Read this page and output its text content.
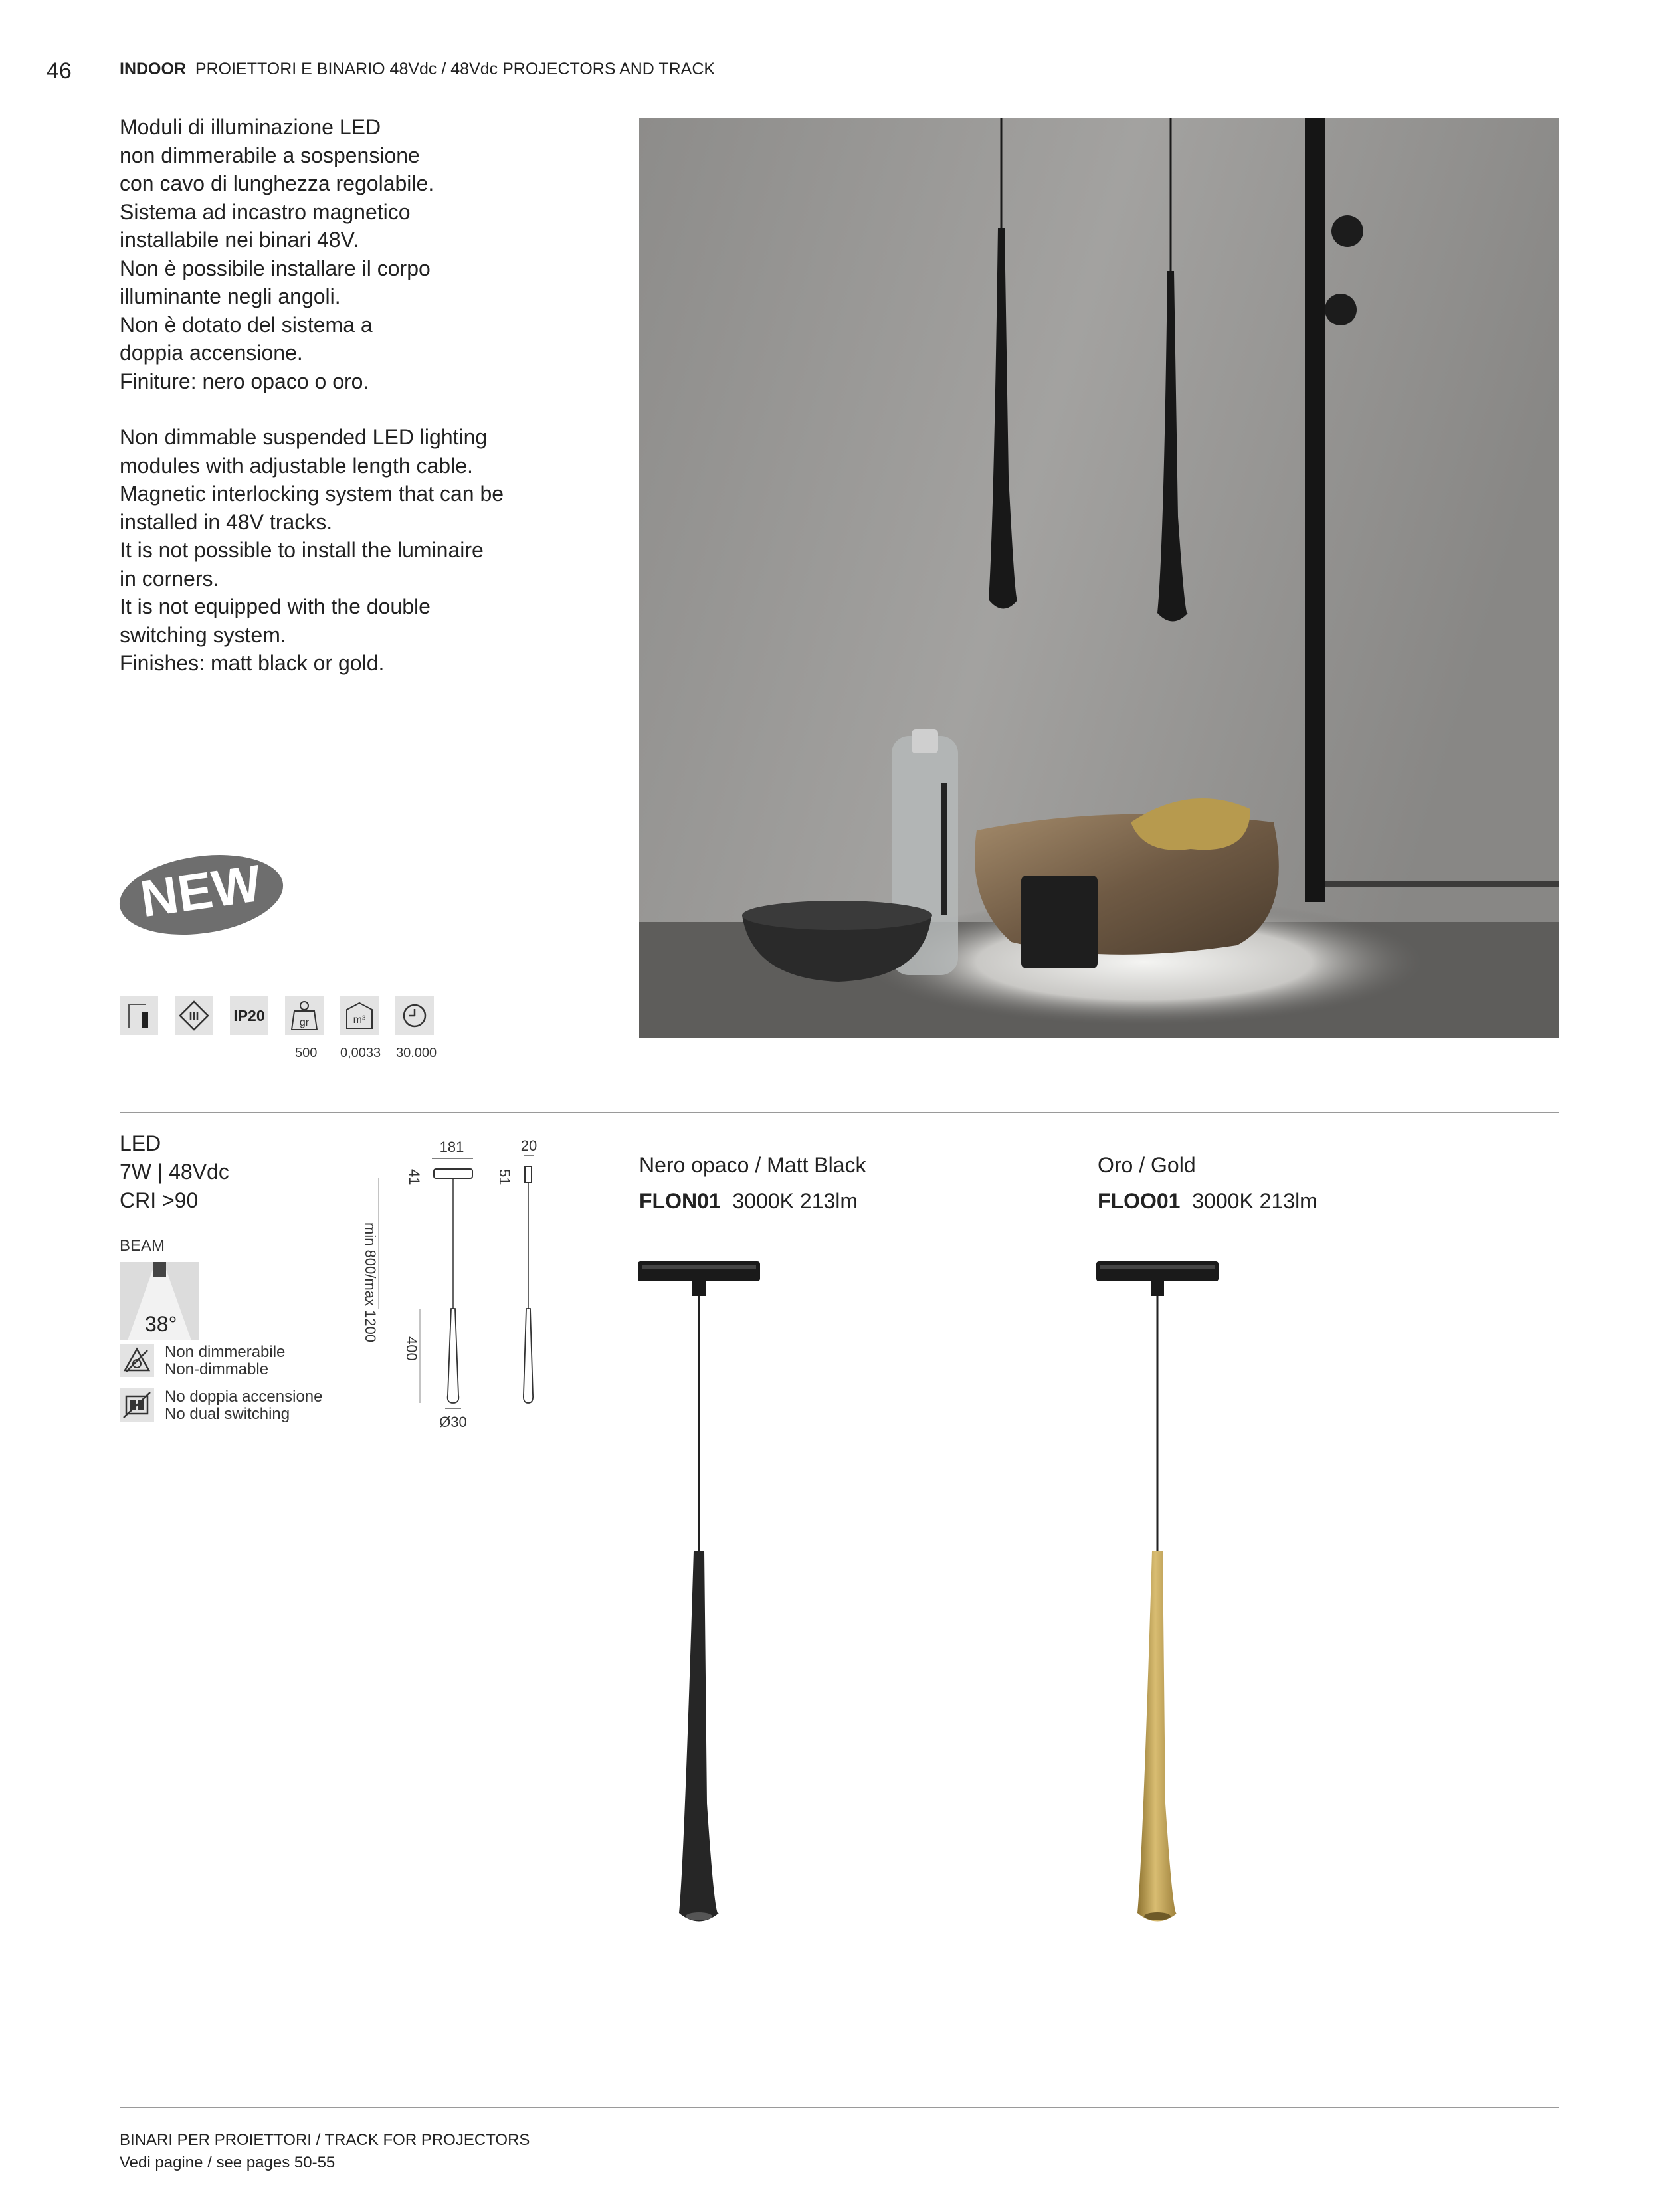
46	INDOOR PROIETTORI E BINARIO 48Vdc / 48Vdc PROJECTORS AND TRACK

Moduli di illuminazione LED

non dimmerabile a sospensione

con cavo di lunghezza regolabile.

Sistema ad incastro magnetico

installabile nei binari 48V.

Non è possibile installare il corpo

illuminante negli angoli.

Non è dotato del sistema a

doppia accensione.

Finiture: nero opaco o oro.

Non dimmable suspended LED lighting

modules with adjustable length cable.

Magnetic interlocking system that can be

installed in 48V tracks.

It is not possible to install the luminaire

in corners.

It is not equipped with the double

switching system.

Finishes: matt black or gold.

NEW
III IP20	gr	m³
500 0,0033 30.000
LED
7W | 48Vdc
CRI >90
BEAM
38°
Non dimmerabile
Non-dimmable
No doppia accensione
No dual switching
181	20
41	51
min 800/max 1200
400
Ø30
Nero opaco / Matt Black
FLON01 3000K 213lm
Oro / Gold
FLOO01 3000K 213lm
BINARI PER PROIETTORI / TRACK FOR PROJECTORS
Vedi pagine / see pages 50-55
